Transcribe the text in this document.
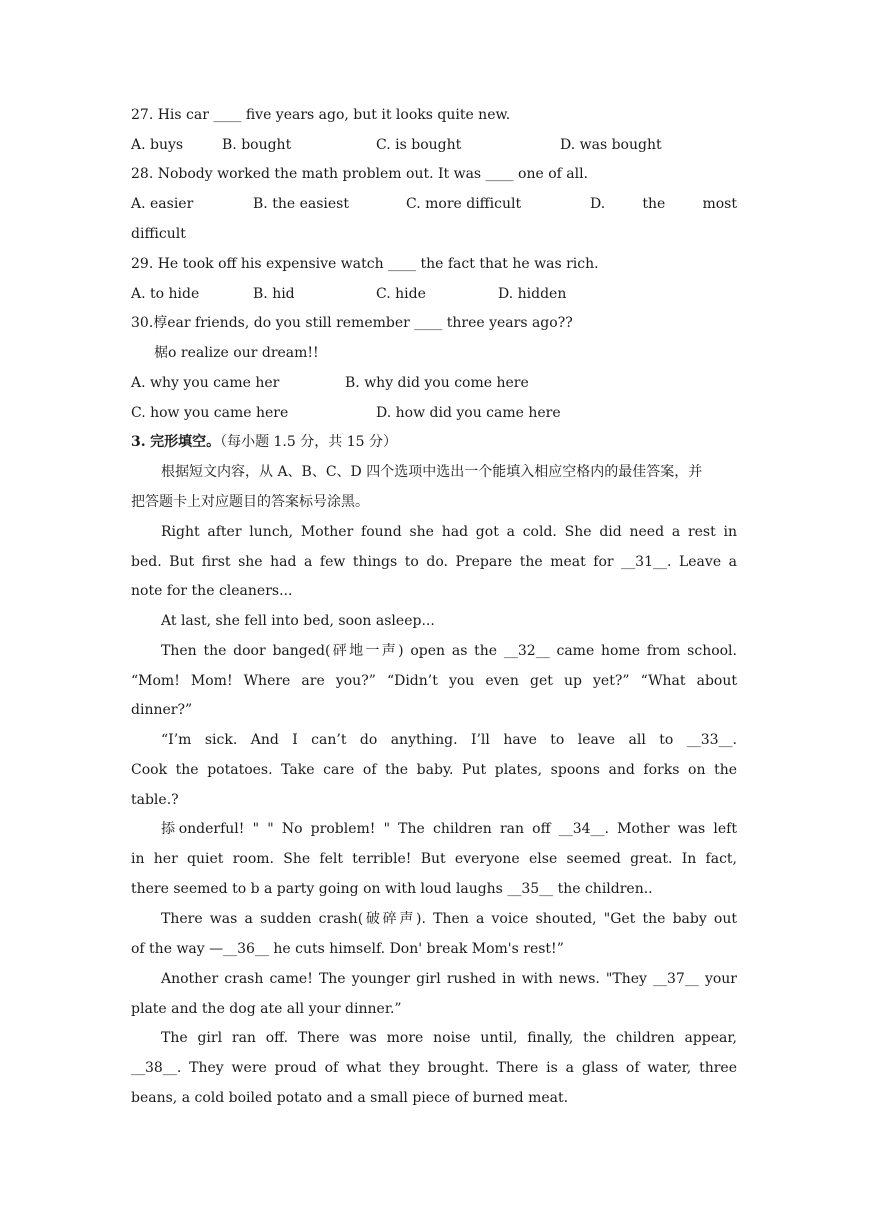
27. His car ____ five years ago, but it looks quite new.
A. buys	B. bought	C. is bought	D. was bought
28. Nobody worked the math problem out. It was ____ one of all.
A. easier	B. the easiest	C. more difficult	D. the most
difficult
29. He took off his expensive watch ____ the fact that he was rich.
A. to hide	B. hid	C. hide	D. hidden
30.椁ear friends, do you still remember ____ three years ago??
椐o realize our dream!!
A. why you came her	B. why did you come here
C. how you came here	D. how did you came here
3. 完形填空。（每小题 1.5 分，共 15 分）
根据短文内容，从 A、B、C、D 四个选项中选出一个能填入相应空格内的最佳答案，并
把答题卡上对应题目的答案标号涂黑。
Right after lunch, Mother found she had got a cold. She did need a rest in
bed. But first she had a few things to do. Prepare the meat for __31__. Leave a
note for the cleaners...
At last, she fell into bed, soon asleep...
Then the door banged(砰地一声) open as the __32__ came home from school.
“Mom! Mom! Where are you?” “Didn’t you even get up yet?” “What about
dinner?”
“I’m sick. And I can’t do anything. I’ll have to leave all to __33__.
Cook the potatoes. Take care of the baby. Put plates, spoons and forks on the
table.?
掭onderful! " " No problem! " The children ran off __34__. Mother was left
in her quiet room. She felt terrible! But everyone else seemed great. In fact,
there seemed to b a party going on with loud laughs __35__ the children..
There was a sudden crash(破碎声). Then a voice shouted, "Get the baby out
of the way —__36__ he cuts himself. Don' break Mom's rest!”
Another crash came! The younger girl rushed in with news. "They __37__ your
plate and the dog ate all your dinner.”
The girl ran off. There was more noise until, finally, the children appear,
__38__. They were proud of what they brought. There is a glass of water, three
beans, a cold boiled potato and a small piece of burned meat.
